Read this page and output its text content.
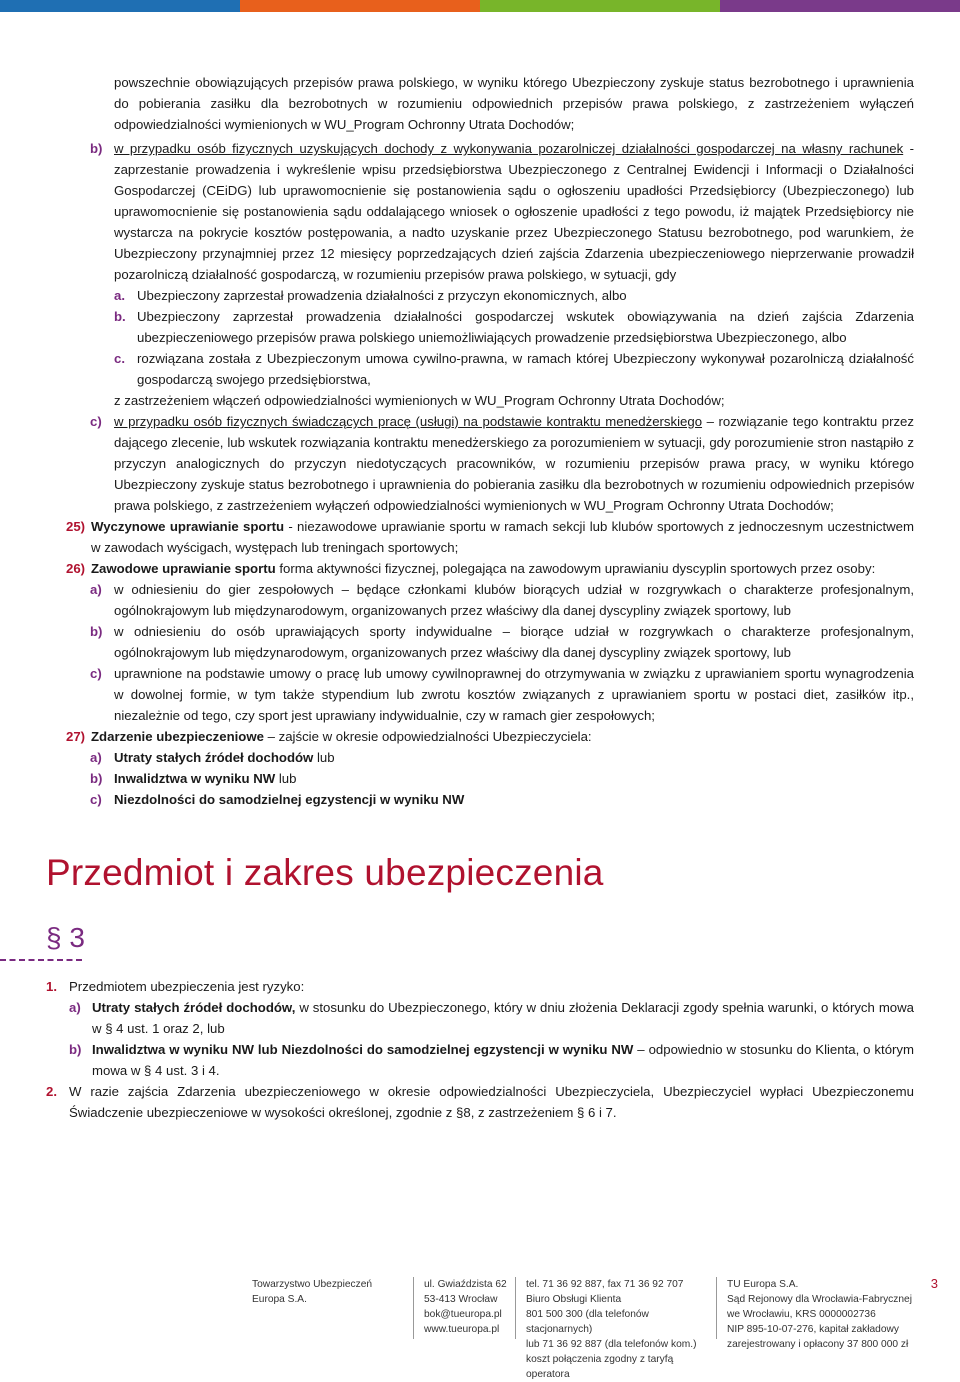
powszechnie obowiązujących przepisów prawa polskiego, w wyniku którego Ubezpieczony zyskuje status bezrobotnego i uprawnienia do pobierania zasiłku dla bezrobotnych w rozumieniu odpowiednich przepisów prawa polskiego, z zastrzeżeniem wyłączeń odpowiedzialności wymienionych w WU_Program Ochronny Utrata Dochodów;
b) w przypadku osób fizycznych uzyskujących dochody z wykonywania pozarolniczej działalności gospodarczej na własny rachunek - zaprzestanie prowadzenia i wykreślenie wpisu przedsiębiorstwa Ubezpieczonego z Centralnej Ewidencji i Informacji o Działalności Gospodarczej (CEiDG) lub uprawomocnienie się postanowienia sądu o ogłoszeniu upadłości Przedsiębiorcy (Ubezpieczonego) lub uprawomocnienie się postanowienia sądu oddalającego wniosek o ogłoszenie upadłości z tego powodu, iż majątek Przedsiębiorcy nie wystarcza na pokrycie kosztów postępowania, a nadto uzyskanie przez Ubezpieczonego Statusu bezrobotnego, pod warunkiem, że Ubezpieczony przynajmniej przez 12 miesięcy poprzedzających dzień zajścia Zdarzenia ubezpieczeniowego nieprzerwanie prowadził pozarolniczą działalność gospodarczą, w rozumieniu przepisów prawa polskiego, w sytuacji, gdy
a. Ubezpieczony zaprzestał prowadzenia działalności z przyczyn ekonomicznych, albo
b. Ubezpieczony zaprzestał prowadzenia działalności gospodarczej wskutek obowiązywania na dzień zajścia Zdarzenia ubezpieczeniowego przepisów prawa polskiego uniemożliwiających prowadzenie przedsiębiorstwa Ubezpieczonego, albo
c. rozwiązana została z Ubezpieczonym umowa cywilno-prawna, w ramach której Ubezpieczony wykonywał pozarolniczą działalność gospodarczą swojego przedsiębiorstwa,
z zastrzeżeniem włączeń odpowiedzialności wymienionych w WU_Program Ochronny Utrata Dochodów;
c) w przypadku osób fizycznych świadczących pracę (usługi) na podstawie kontraktu menedżerskiego – rozwiązanie tego kontraktu przez dającego zlecenie, lub wskutek rozwiązania kontraktu menedżerskiego za porozumieniem w sytuacji, gdy porozumienie stron nastąpiło z przyczyn analogicznych do przyczyn niedotyczących pracowników, w rozumieniu przepisów prawa pracy, w wyniku którego Ubezpieczony zyskuje status bezrobotnego i uprawnienia do pobierania zasiłku dla bezrobotnych w rozumieniu odpowiednich przepisów prawa polskiego, z zastrzeżeniem wyłączeń odpowiedzialności wymienionych w WU_Program Ochronny Utrata Dochodów;
25) Wyczynowe uprawianie sportu - niezawodowe uprawianie sportu w ramach sekcji lub klubów sportowych z jednoczesnym uczestnictwem w zawodach wyścigach, występach lub treningach sportowych;
26) Zawodowe uprawianie sportu forma aktywności fizycznej, polegająca na zawodowym uprawianiu dyscyplin sportowych przez osoby:
a) w odniesieniu do gier zespołowych – będące członkami klubów biorących udział w rozgrywkach o charakterze profesjonalnym, ogólnokrajowym lub międzynarodowym, organizowanych przez właściwy dla danej dyscypliny związek sportowy, lub
b) w odniesieniu do osób uprawiających sporty indywidualne – biorące udział w rozgrywkach o charakterze profesjonalnym, ogólnokrajowym lub międzynarodowym, organizowanych przez właściwy dla danej dyscypliny związek sportowy, lub
c) uprawnione na podstawie umowy o pracę lub umowy cywilnoprawnej do otrzymywania w związku z uprawianiem sportu wynagrodzenia w dowolnej formie, w tym także stypendium lub zwrotu kosztów związanych z uprawianiem sportu w postaci diet, zasiłków itp., niezależnie od tego, czy sport jest uprawiany indywidualnie, czy w ramach gier zespołowych;
27) Zdarzenie ubezpieczeniowe – zajście w okresie odpowiedzialności Ubezpieczyciela:
a) Utraty stałych źródeł dochodów lub
b) Inwalidztwa w wyniku NW lub
c) Niezdolności do samodzielnej egzystencji w wyniku NW
Przedmiot i zakres ubezpieczenia
§ 3
1. Przedmiotem ubezpieczenia jest ryzyko:
a) Utraty stałych źródeł dochodów, w stosunku do Ubezpieczonego, który w dniu złożenia Deklaracji zgody spełnia warunki, o których mowa w § 4 ust. 1 oraz 2, lub
b) Inwalidztwa w wyniku NW lub Niezdolności do samodzielnej egzystencji w wyniku NW – odpowiednio w stosunku do Klienta, o którym mowa w § 4 ust. 3 i 4.
2. W razie zajścia Zdarzenia ubezpieczeniowego w okresie odpowiedzialności Ubezpieczyciela, Ubezpieczyciel wypłaci Ubezpieczonemu Świadczenie ubezpieczeniowe w wysokości określonej, zgodnie z §8, z zastrzeżeniem § 6 i 7.
Towarzystwo Ubezpieczeń
Europa S.A.
ul. Gwiaździsta 62
53-413 Wrocław
bok@tueuropa.pl
www.tueuropa.pl
tel. 71 36 92 887, fax 71 36 92 707
Biuro Obsługi Klienta
801 500 300 (dla telefonów stacjonarnych)
lub 71 36 92 887 (dla telefonów kom.)
koszt połączenia zgodny z taryfą operatora
TU Europa S.A.
Sąd Rejonowy dla Wrocławia-Fabrycznej
we Wrocławiu, KRS 0000002736
NIP 895-10-07-276, kapitał zakładowy
zarejestrowany i opłacony 37 800 000 zł
3
